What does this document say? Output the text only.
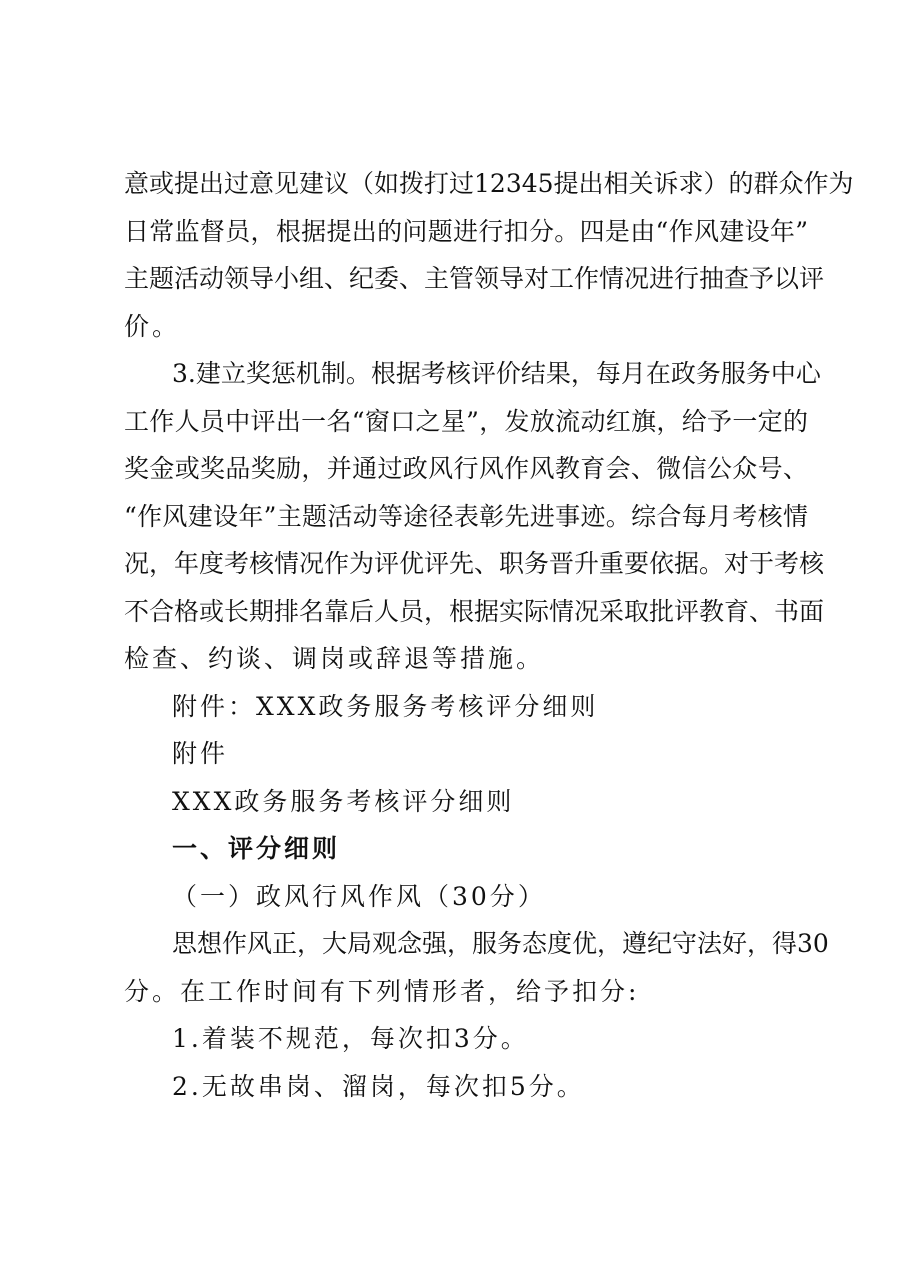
意或提出过意见建议（如拨打过12345提出相关诉求）的群众作为
日常监督员，根据提出的问题进行扣分。四是由“作风建设年”
主题活动领导小组、纪委、主管领导对工作情况进行抽查予以评
价。
3.建立奖惩机制。根据考核评价结果，每月在政务服务中心
工作人员中评出一名“窗口之星”，发放流动红旗，给予一定的
奖金或奖品奖励，并通过政风行风作风教育会、微信公众号、
“作风建设年”主题活动等途径表彰先进事迹。综合每月考核情
况，年度考核情况作为评优评先、职务晋升重要依据。对于考核
不合格或长期排名靠后人员，根据实际情况采取批评教育、书面
检查、约谈、调岗或辞退等措施。
附件：XXX政务服务考核评分细则
附件
XXX政务服务考核评分细则
一、评分细则
（一）政风行风作风（30分）
思想作风正，大局观念强，服务态度优，遵纪守法好，得30
分。在工作时间有下列情形者，给予扣分:
1.着装不规范，每次扣3分。
2.无故串岗、溜岗，每次扣5分。
